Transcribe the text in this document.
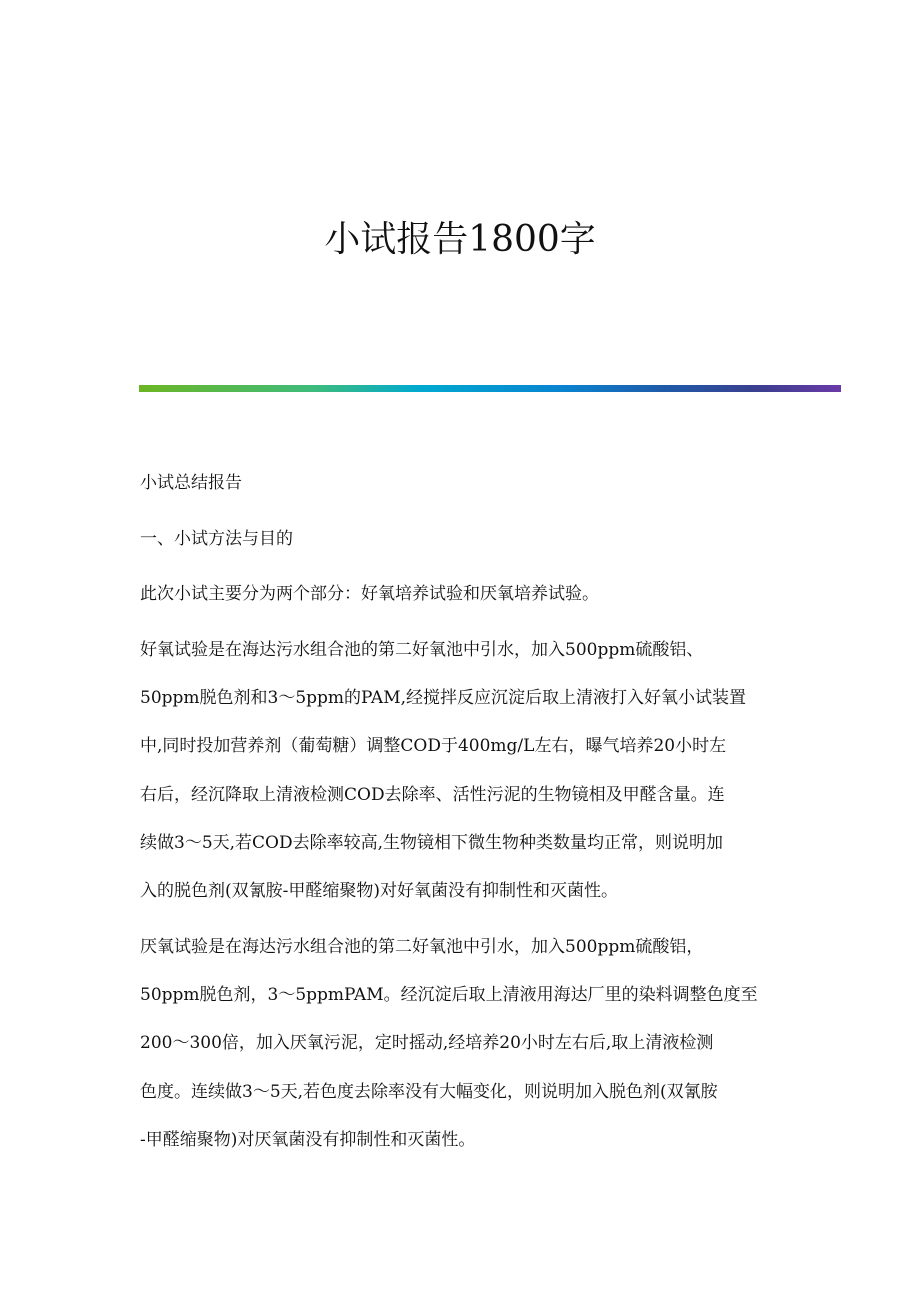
小试报告1800字
小试总结报告
一、小试方法与目的
此次小试主要分为两个部分：好氧培养试验和厌氧培养试验。
好氧试验是在海达污水组合池的第二好氧池中引水，加入500ppm硫酸铝、
50ppm脱色剂和3～5ppm的PAM,经搅拌反应沉淀后取上清液打入好氧小试装置
中,同时投加营养剂（葡萄糖）调整COD于400mg/L左右，曝气培养20小时左
右后，经沉降取上清液检测COD去除率、活性污泥的生物镜相及甲醛含量。连
续做3～5天,若COD去除率较高,生物镜相下微生物种类数量均正常，则说明加
入的脱色剂(双氰胺-甲醛缩聚物)对好氧菌没有抑制性和灭菌性。
厌氧试验是在海达污水组合池的第二好氧池中引水，加入500ppm硫酸铝，
50ppm脱色剂，3～5ppmPAM。经沉淀后取上清液用海达厂里的染料调整色度至
200～300倍，加入厌氧污泥，定时摇动,经培养20小时左右后,取上清液检测
色度。连续做3～5天,若色度去除率没有大幅变化，则说明加入脱色剂(双氰胺
-甲醛缩聚物)对厌氧菌没有抑制性和灭菌性。
